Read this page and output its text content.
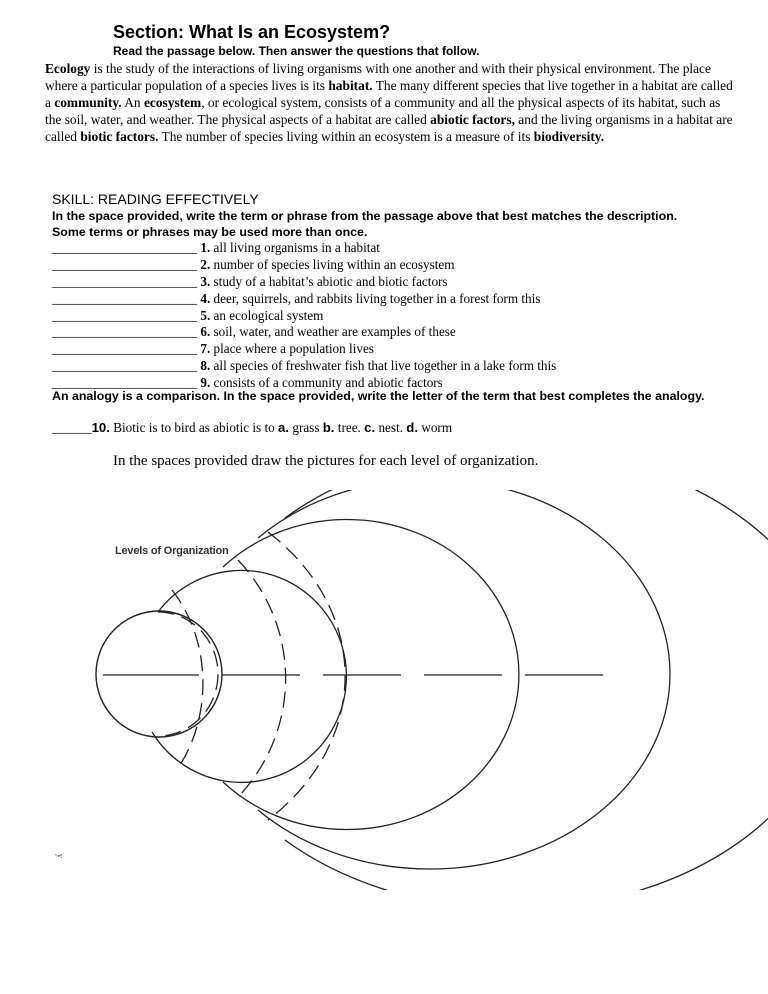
Section: What Is an Ecosystem?
Read the passage below. Then answer the questions that follow.
Ecology is the study of the interactions of living organisms with one another and with their physical environment. The place where a particular population of a species lives is its habitat. The many different species that live together in a habitat are called a community. An ecosystem, or ecological system, consists of a community and all the physical aspects of its habitat, such as the soil, water, and weather. The physical aspects of a habitat are called abiotic factors, and the living organisms in a habitat are called biotic factors. The number of species living within an ecosystem is a measure of its biodiversity.
SKILL: READING EFFECTIVELY
In the space provided, write the term or phrase from the passage above that best matches the description. Some terms or phrases may be used more than once.
______________________ 1. all living organisms in a habitat
______________________ 2. number of species living within an ecosystem
______________________ 3. study of a habitat’s abiotic and biotic factors
______________________ 4. deer, squirrels, and rabbits living together in a forest form this
______________________ 5. an ecological system
______________________ 6. soil, water, and weather are examples of these
______________________ 7. place where a population lives
______________________ 8. all species of freshwater fish that live together in a lake form this
______________________ 9. consists of a community and abiotic factors
An analogy is a comparison. In the space provided, write the letter of the term that best completes the analogy.
______10. Biotic is to bird as abiotic is to a. grass b. tree. c. nest. d. worm
In the spaces provided draw the pictures for each level of organization.
Levels of Organization
y
